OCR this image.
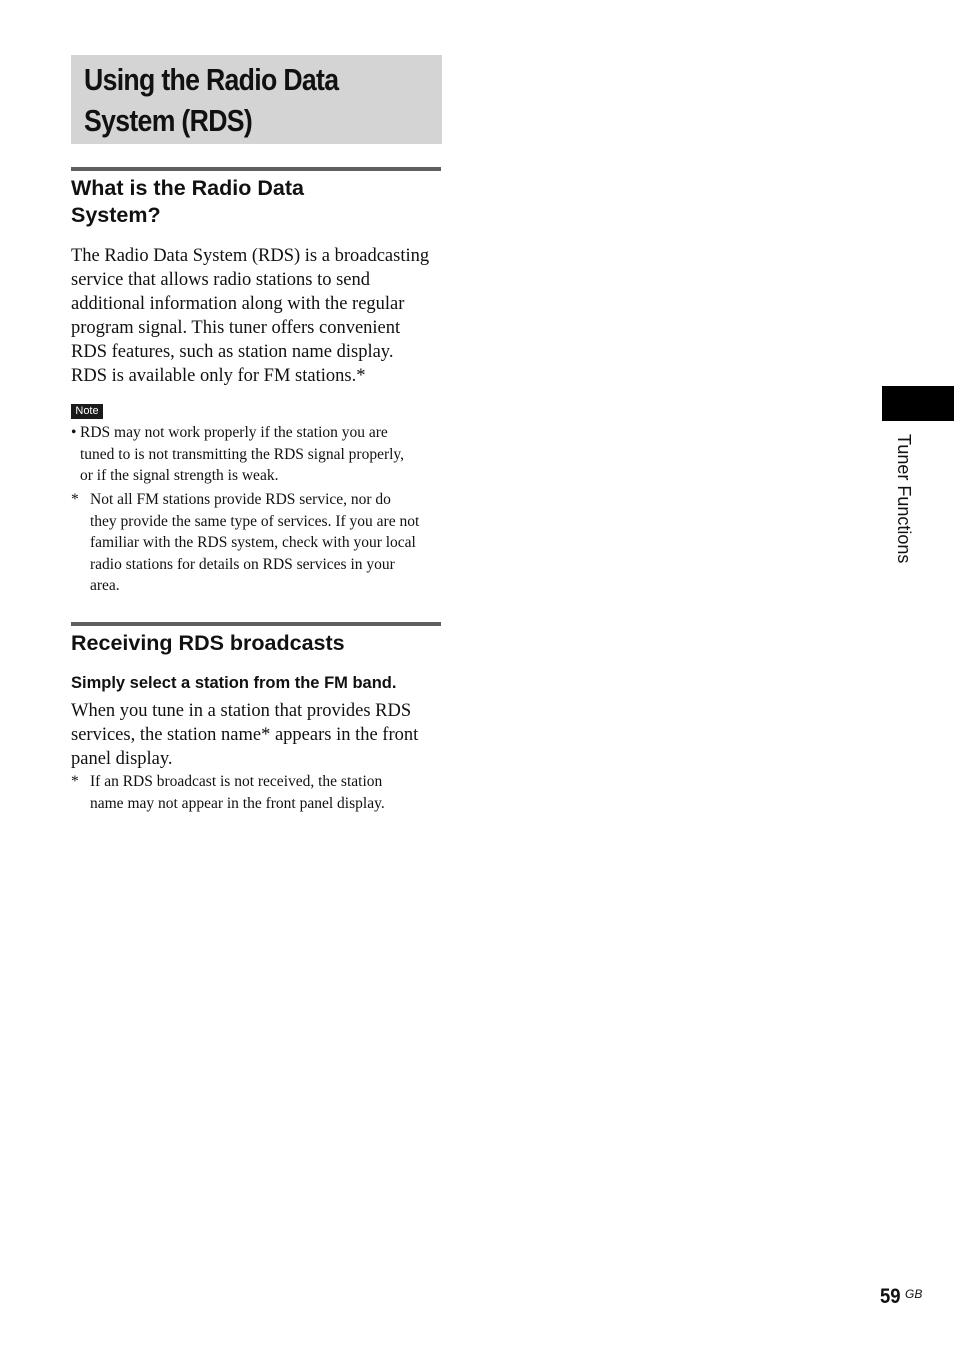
Using the Radio Data
System (RDS)
What is the Radio Data
System?

The Radio Data System (RDS) is a broadcasting
service that allows radio stations to send
additional information along with the regular
program signal. This tuner offers convenient
RDS features, such as station name display.
RDS is available only for FM stations.*

Note
• RDS may not work properly if the station you are
tuned to is not transmitting the RDS signal properly,
or if the signal strength is weak.

* Not all FM stations provide RDS service, nor do
they provide the same type of services. If you are not
familiar with the RDS system, check with your local
radio stations for details on RDS services in your
area.

Receiving RDS broadcasts

Simply select a station from the FM band.

When you tune in a station that provides RDS
services, the station name* appears in the front
panel display.

* If an RDS broadcast is not received, the station
name may not appear in the front panel display.

Tuner Functions
59 GB
